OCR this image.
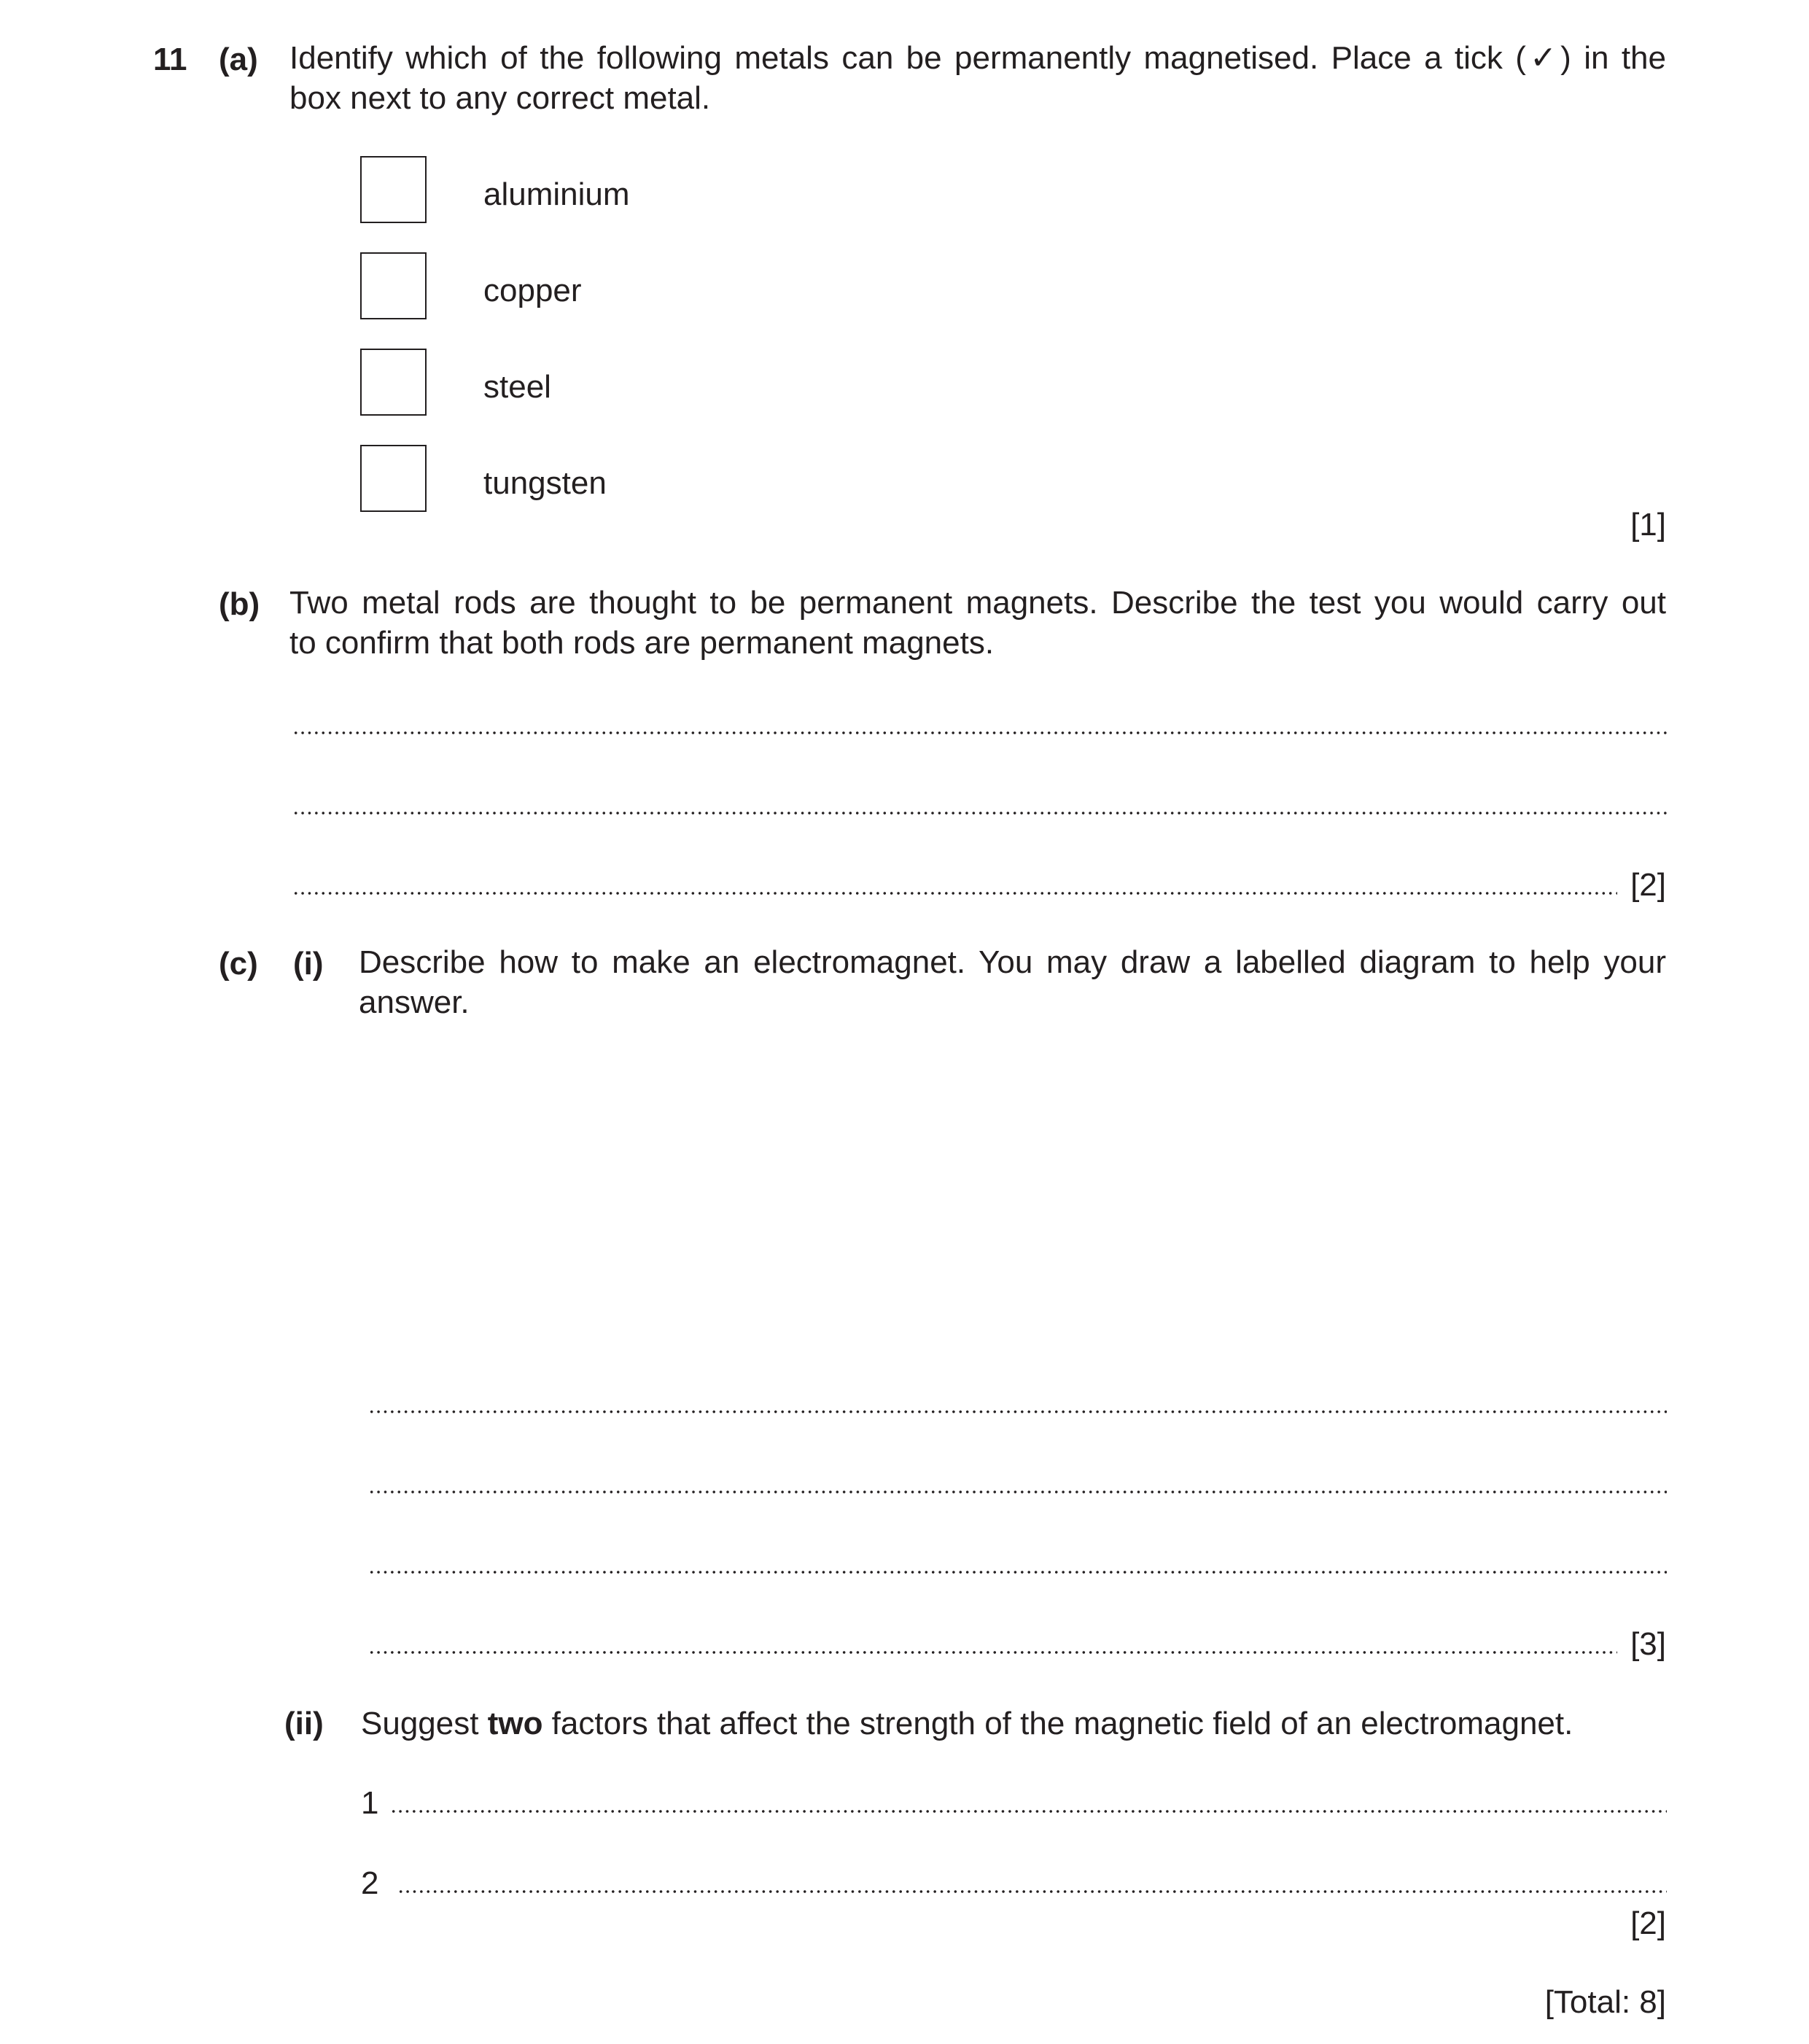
11 (a) Identify which of the following metals can be permanently magnetised. Place a tick (✓) in the
box next to any correct metal.
aluminium
copper
steel
tungsten
[1]
(b) Two metal rods are thought to be permanent magnets. Describe the test you would carry out
to confirm that both rods are permanent magnets.
[2]
(c) (i) Describe how to make an electromagnet. You may draw a labelled diagram to help your
answer.
[3]
(ii) Suggest two factors that affect the strength of the magnetic field of an electromagnet.
1
2
[2]
[Total: 8]
